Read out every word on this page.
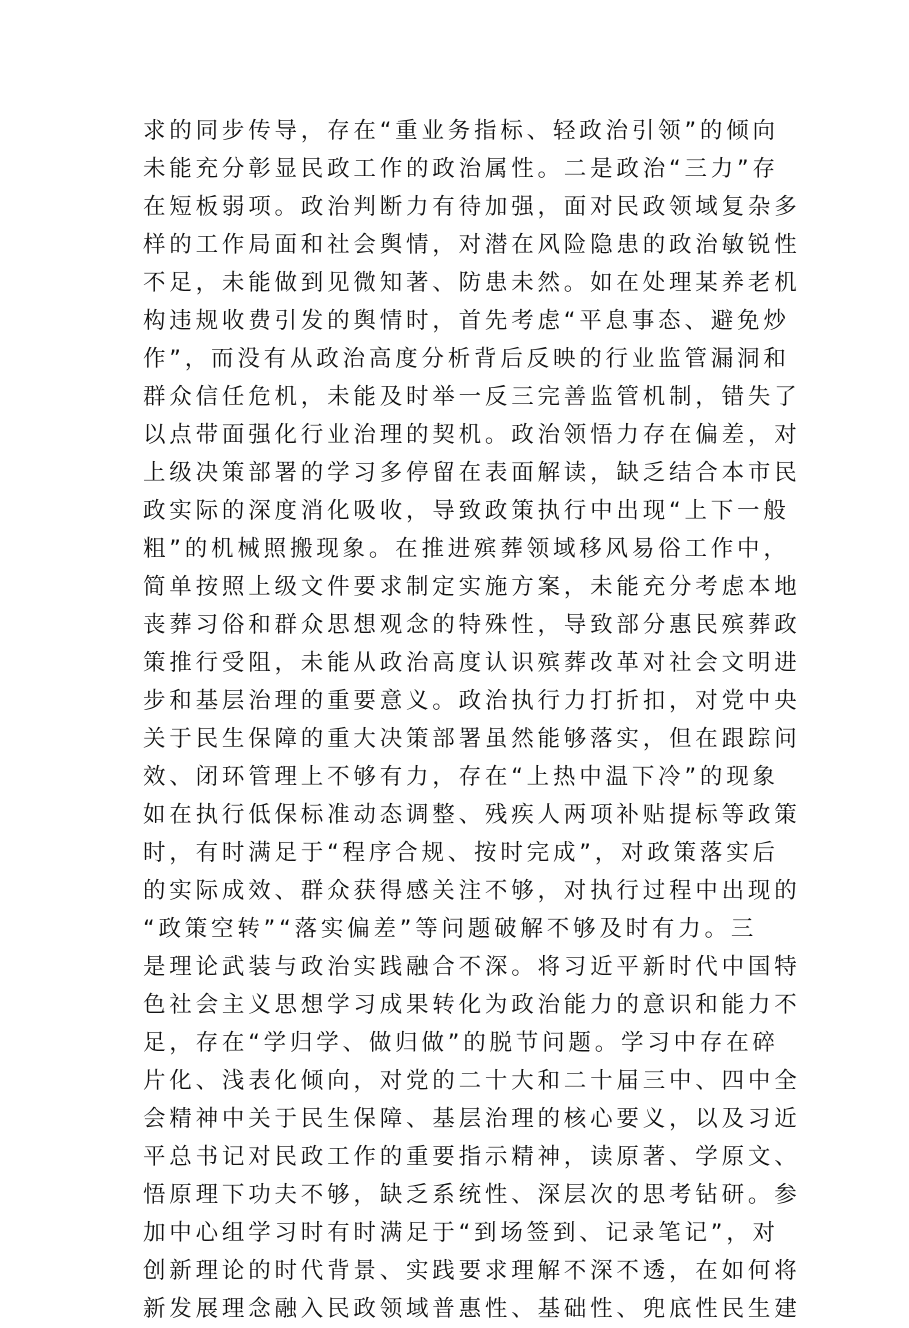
求的同步传导，存在“重业务指标、轻政治引领”的倾向
未能充分彰显民政工作的政治属性。二是政治“三力”存
在短板弱项。政治判断力有待加强，面对民政领域复杂多
样的工作局面和社会舆情，对潜在风险隐患的政治敏锐性
不足，未能做到见微知著、防患未然。如在处理某养老机
构违规收费引发的舆情时，首先考虑“平息事态、避免炒
作”，而没有从政治高度分析背后反映的行业监管漏洞和
群众信任危机，未能及时举一反三完善监管机制，错失了
以点带面强化行业治理的契机。政治领悟力存在偏差，对
上级决策部署的学习多停留在表面解读，缺乏结合本市民
政实际的深度消化吸收，导致政策执行中出现“上下一般
粗”的机械照搬现象。在推进殡葬领域移风易俗工作中，
简单按照上级文件要求制定实施方案，未能充分考虑本地
丧葬习俗和群众思想观念的特殊性，导致部分惠民殡葬政
策推行受阻，未能从政治高度认识殡葬改革对社会文明进
步和基层治理的重要意义。政治执行力打折扣，对党中央
关于民生保障的重大决策部署虽然能够落实，但在跟踪问
效、闭环管理上不够有力，存在“上热中温下冷”的现象
如在执行低保标准动态调整、残疾人两项补贴提标等政策
时，有时满足于“程序合规、按时完成”，对政策落实后
的实际成效、群众获得感关注不够，对执行过程中出现的
“政策空转”“落实偏差”等问题破解不够及时有力。三
是理论武装与政治实践融合不深。将习近平新时代中国特
色社会主义思想学习成果转化为政治能力的意识和能力不
足，存在“学归学、做归做”的脱节问题。学习中存在碎
片化、浅表化倾向，对党的二十大和二十届三中、四中全
会精神中关于民生保障、基层治理的核心要义，以及习近
平总书记对民政工作的重要指示精神，读原著、学原文、
悟原理下功夫不够，缺乏系统性、深层次的思考钻研。参
加中心组学习时有时满足于“到场签到、记录笔记”，对
创新理论的时代背景、实践要求理解不深不透，在如何将
新发展理念融入民政领域普惠性、基础性、兜底性民生建
